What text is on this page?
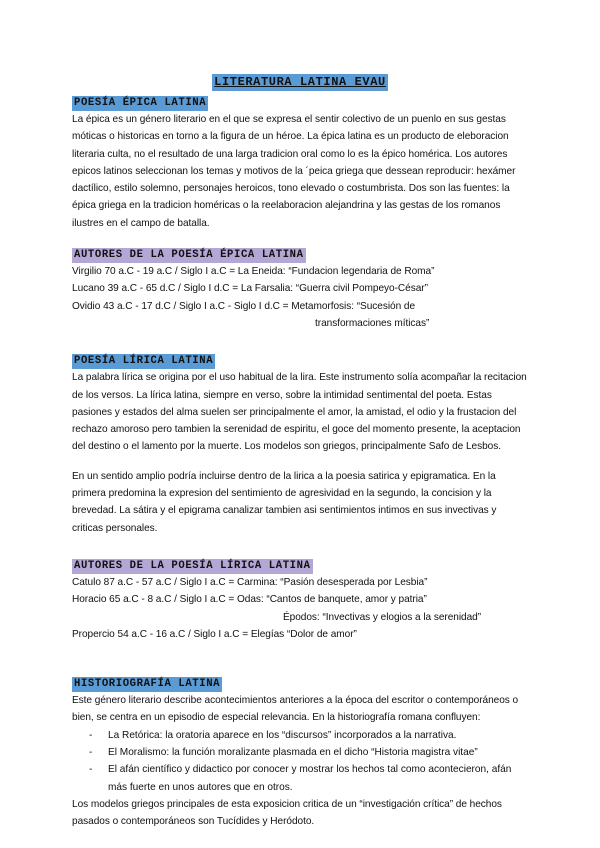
LITERATURA LATINA EVAU
POESÍA ÉPICA LATINA

La épica es un género literario en el que se expresa el sentir colectivo de un puenlo en sus gestas móticas o historicas en torno a la figura de un héroe. La épica latina es un producto de eleboracion literaria culta, no el resultado de una larga tradicion oral como lo es la épico homérica. Los autores epicos latinos seleccionan los temas y motivos de la ´peica griega que dessean reproducir: hexámer dactílico, estilo solemno, personajes heroicos, tono elevado o costumbrista. Dos son las fuentes: la épica griega en la tradicion homéricas o la reelaboracion alejandrina y las gestas de los romanos ilustres en el campo de batalla.

AUTORES DE LA POESÍA ÉPICA LATINA
Virgilio 70 a.C - 19 a.C / Siglo I a.C = La Eneida: “Fundacion legendaria de Roma”
Lucano 39 a.C - 65 d.C / Siglo I d.C = La Farsalia: “Guerra civil Pompeyo-César”
Ovidio 43 a.C - 17 d.C / Siglo I a.C - Siglo I d.C = Metamorfosis: “Sucesión de
transformaciones míticas”
POESÍA LÍRICA LATINA

La palabra lírica se origina por el uso habitual de la lira. Este instrumento solía acompañar la recitacion de los versos. La lírica latina, siempre en verso, sobre la intimidad sentimental del poeta. Estas pasiones y estados del alma suelen ser principalmente el amor, la amistad, el odio y la frustacion del rechazo amoroso pero tambien la serenidad de espiritu, el goce del momento presente, la aceptacion del destino o el lamento por la muerte. Los modelos son griegos, principalmente Safo de Lesbos.

En un sentido amplio podría incluirse dentro de la lirica a la poesia satirica y epigramatica. En la primera predomina la expresion del sentimiento de agresividad en la segundo, la concision y la brevedad. La sátira y el epigrama canalizar tambien asi sentimientos intimos en sus invectivas y criticas personales.

AUTORES DE LA POESÍA LÍRICA LATINA
Catulo 87 a.C - 57 a.C / Siglo I a.C = Carmina: “Pasión desesperada por Lesbia”
Horacio 65 a.C - 8 a.C / Siglo I a.C = Odas: “Cantos de banquete, amor y patria”
Épodos: “Invectivas y elogios a la serenidad”
Propercio 54 a.C - 16 a.C / Siglo I a.C = Elegías “Dolor de amor”
HISTORIOGRAFÍA LATINA

Este género literario describe acontecimientos anteriores a la época del escritor o contemporáneos o bien, se centra en un episodio de especial relevancia. En la historiografía romana confluyen:

- La Retórica: la oratoria aparece en los “discursos” incorporados a la narrativa.
- El Moralismo: la función moralizante plasmada en el dicho “Historia magistra vitae”
- El afán científico y didactico por conocer y mostrar los hechos tal como acontecieron, afán más fuerte en unos autores que en otros.

Los modelos griegos principales de esta exposicion critica de un “investigación crítica” de hechos pasados o contemporáneos son Tucídides y Heródoto.
